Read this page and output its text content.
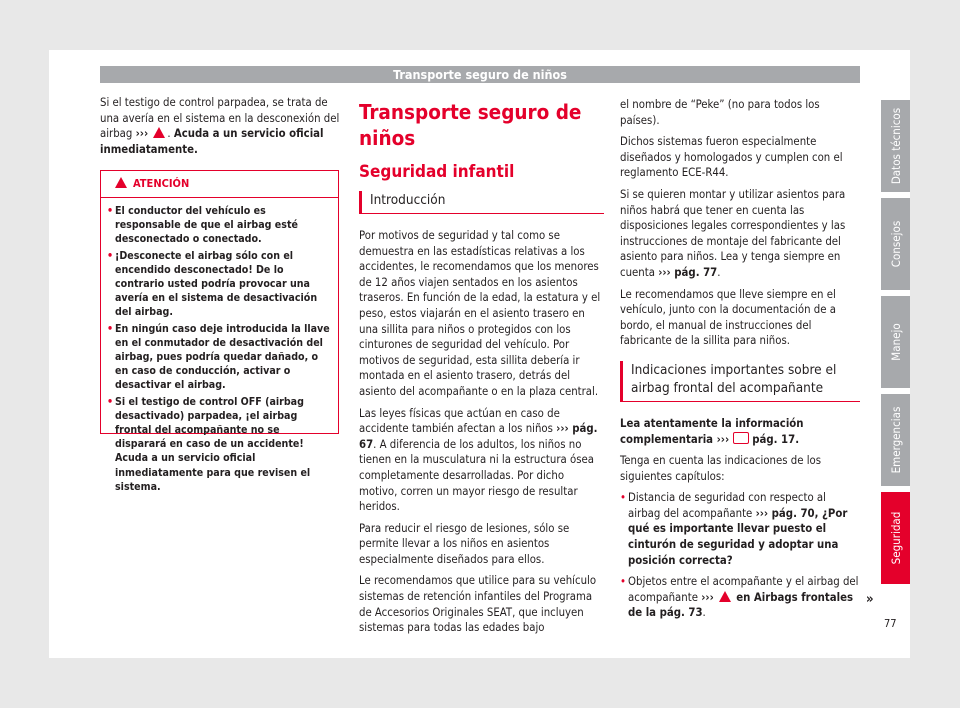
Transporte seguro de niños

Si el testigo de control parpadea, se trata de una avería en el sistema en la desconexión del airbag ››› . Acuda a un servicio oficial inmediatamente.

ATENCIÓN
• El conductor del vehículo es responsable de que el airbag esté desconectado o conectado.
• ¡Desconecte el airbag sólo con el encendido desconectado! De lo contrario usted podría provocar una avería en el sistema de desactivación del airbag.
• En ningún caso deje introducida la llave en el conmutador de desactivación del airbag, pues podría quedar dañado, o en caso de conducción, activar o desactivar el airbag.
• Si el testigo de control OFF (airbag desactivado) parpadea, ¡el airbag frontal del acompañante no se disparará en caso de un accidente! Acuda a un servicio oficial inmediatamente para que revisen el sistema.
Transporte seguro de niños
Seguridad infantil
Introducción

Por motivos de seguridad y tal como se demuestra en las estadísticas relativas a los accidentes, le recomendamos que los menores de 12 años viajen sentados en los asientos traseros. En función de la edad, la estatura y el peso, estos viajarán en el asiento trasero en una sillita para niños o protegidos con los cinturones de seguridad del vehículo. Por motivos de seguridad, esta sillita debería ir montada en el asiento trasero, detrás del asiento del acompañante o en la plaza central.

Las leyes físicas que actúan en caso de accidente también afectan a los niños ››› pág. 67. A diferencia de los adultos, los niños no tienen en la musculatura ni la estructura ósea completamente desarrolladas. Por dicho motivo, corren un mayor riesgo de resultar heridos.

Para reducir el riesgo de lesiones, sólo se permite llevar a los niños en asientos especialmente diseñados para ellos.

Le recomendamos que utilice para su vehículo sistemas de retención infantiles del Programa de Accesorios Originales SEAT, que incluyen sistemas para todas las edades bajo

el nombre de “Peke” (no para todos los países).

Dichos sistemas fueron especialmente diseñados y homologados y cumplen con el reglamento ECE-R44.

Si se quieren montar y utilizar asientos para niños habrá que tener en cuenta las disposiciones legales correspondientes y las instrucciones de montaje del fabricante del asiento para niños. Lea y tenga siempre en cuenta ››› pág. 77.

Le recomendamos que lleve siempre en el vehículo, junto con la documentación de a bordo, el manual de instrucciones del fabricante de la sillita para niños.

Indicaciones importantes sobre el airbag frontal del acompañante

Lea atentamente la información complementaria ›››  pág. 17.

Tenga en cuenta las indicaciones de los siguientes capítulos:

• Distancia de seguridad con respecto al airbag del acompañante ››› pág. 70, ¿Por qué es importante llevar puesto el cinturón de seguridad y adoptar una posición correcta?

• Objetos entre el acompañante y el airbag del acompañante ››› en Airbags frontales de la pág. 73.

Datos técnicos
Consejos
Manejo
Emergencias
Seguridad
»
77
